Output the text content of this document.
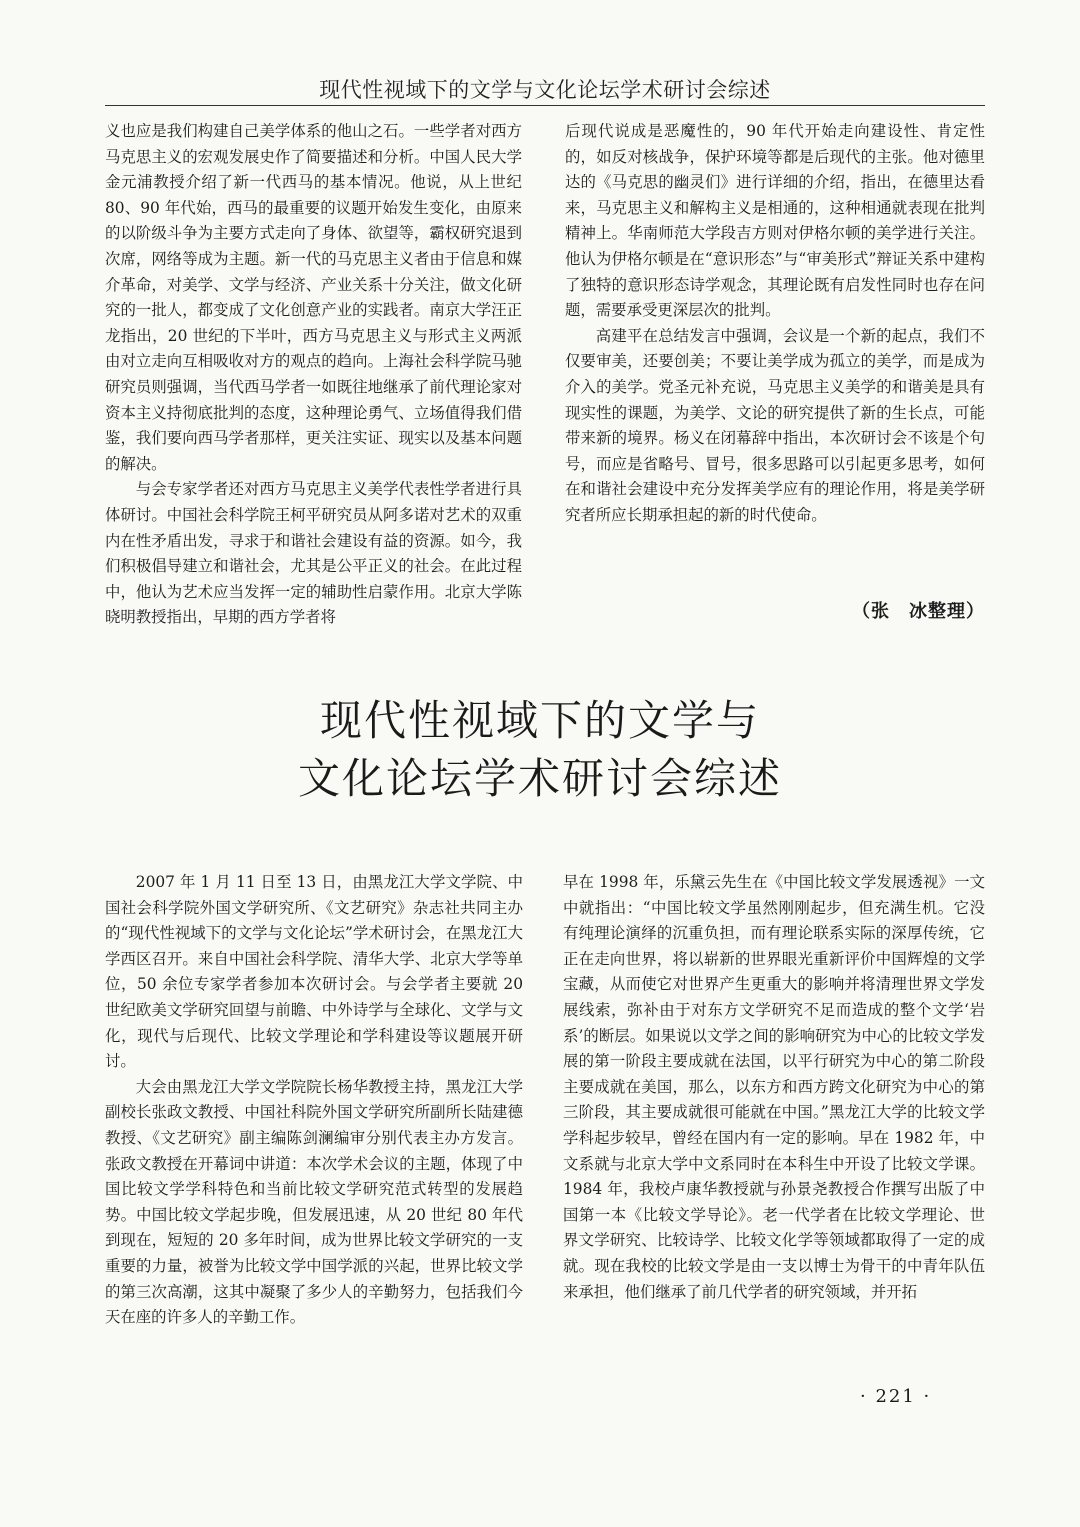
现代性视域下的文学与文化论坛学术研讨会综述

义也应是我们构建自己美学体系的他山之石。一些学者对西方马克思主义的宏观发展史作了简要描述和分析。中国人民大学金元浦教授介绍了新一代西马的基本情况。他说，从上世纪 80、90 年代始，西马的最重要的议题开始发生变化，由原来的以阶级斗争为主要方式走向了身体、欲望等，霸权研究退到次席，网络等成为主题。新一代的马克思主义者由于信息和媒介革命，对美学、文学与经济、产业关系十分关注，做文化研究的一批人，都变成了文化创意产业的实践者。南京大学汪正龙指出，20 世纪的下半叶，西方马克思主义与形式主义两派由对立走向互相吸收对方的观点的趋向。上海社会科学院马驰研究员则强调，当代西马学者一如既往地继承了前代理论家对资本主义持彻底批判的态度，这种理论勇气、立场值得我们借鉴，我们要向西马学者那样，更关注实证、现实以及基本问题的解决。

与会专家学者还对西方马克思主义美学代表性学者进行具体研讨。中国社会科学院王柯平研究员从阿多诺对艺术的双重内在性矛盾出发，寻求于和谐社会建设有益的资源。如今，我们积极倡导建立和谐社会，尤其是公平正义的社会。在此过程中，他认为艺术应当发挥一定的辅助性启蒙作用。北京大学陈晓明教授指出，早期的西方学者将

后现代说成是恶魔性的，90 年代开始走向建设性、肯定性的，如反对核战争，保护环境等都是后现代的主张。他对德里达的《马克思的幽灵们》进行详细的介绍，指出，在德里达看来，马克思主义和解构主义是相通的，这种相通就表现在批判精神上。华南师范大学段吉方则对伊格尔顿的美学进行关注。他认为伊格尔顿是在“意识形态”与“审美形式”辩证关系中建构了独特的意识形态诗学观念，其理论既有启发性同时也存在问题，需要承受更深层次的批判。

高建平在总结发言中强调，会议是一个新的起点，我们不仅要审美，还要创美；不要让美学成为孤立的美学，而是成为介入的美学。党圣元补充说，马克思主义美学的和谐美是具有现实性的课题，为美学、文论的研究提供了新的生长点，可能带来新的境界。杨义在闭幕辞中指出，本次研讨会不该是个句号，而应是省略号、冒号，很多思路可以引起更多思考，如何在和谐社会建设中充分发挥美学应有的理论作用，将是美学研究者所应长期承担起的新的时代使命。

（张　冰整理）
现代性视域下的文学与
文化论坛学术研讨会综述

2007 年 1 月 11 日至 13 日，由黑龙江大学文学院、中国社会科学院外国文学研究所、《文艺研究》杂志社共同主办的“现代性视域下的文学与文化论坛”学术研讨会，在黑龙江大学西区召开。来自中国社会科学院、清华大学、北京大学等单位，50 余位专家学者参加本次研讨会。与会学者主要就 20 世纪欧美文学研究回望与前瞻、中外诗学与全球化、文学与文化，现代与后现代、比较文学理论和学科建设等议题展开研讨。

大会由黑龙江大学文学院院长杨华教授主持，黑龙江大学副校长张政文教授、中国社科院外国文学研究所副所长陆建德教授、《文艺研究》副主编陈剑澜编审分别代表主办方发言。张政文教授在开幕词中讲道：本次学术会议的主题，体现了中国比较文学学科特色和当前比较文学研究范式转型的发展趋势。中国比较文学起步晚，但发展迅速，从 20 世纪 80 年代到现在，短短的 20 多年时间，成为世界比较文学研究的一支重要的力量，被誉为比较文学中国学派的兴起，世界比较文学的第三次高潮，这其中凝聚了多少人的辛勤努力，包括我们今天在座的许多人的辛勤工作。

早在 1998 年，乐黛云先生在《中国比较文学发展透视》一文中就指出：“中国比较文学虽然刚刚起步，但充满生机。它没有纯理论演绎的沉重负担，而有理论联系实际的深厚传统，它正在走向世界，将以崭新的世界眼光重新评价中国辉煌的文学宝藏，从而使它对世界产生更重大的影响并将清理世界文学发展线索，弥补由于对东方文学研究不足而造成的整个文学‘岩系’的断层。如果说以文学之间的影响研究为中心的比较文学发展的第一阶段主要成就在法国，以平行研究为中心的第二阶段主要成就在美国，那么，以东方和西方跨文化研究为中心的第三阶段，其主要成就很可能就在中国。”黑龙江大学的比较文学学科起步较早，曾经在国内有一定的影响。早在 1982 年，中文系就与北京大学中文系同时在本科生中开设了比较文学课。1984 年，我校卢康华教授就与孙景尧教授合作撰写出版了中国第一本《比较文学导论》。老一代学者在比较文学理论、世界文学研究、比较诗学、比较文化学等领域都取得了一定的成就。现在我校的比较文学是由一支以博士为骨干的中青年队伍来承担，他们继承了前几代学者的研究领域，并开拓

· 221 ·
